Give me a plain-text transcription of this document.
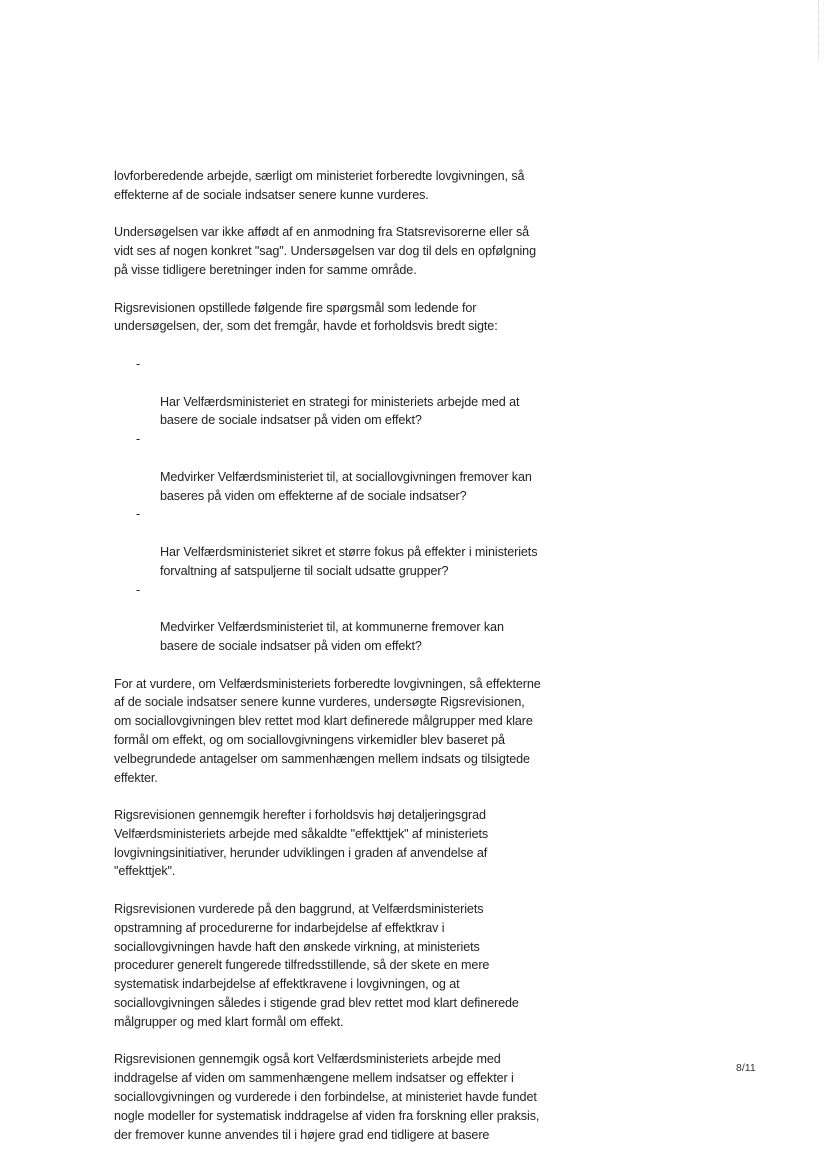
lovforberedende arbejde, særligt om ministeriet forberedte lovgivningen, så
effekterne af de sociale indsatser senere kunne vurderes.

Undersøgelsen var ikke affødt af en anmodning fra Statsrevisorerne eller så
vidt ses af nogen konkret "sag". Undersøgelsen var dog til dels en opfølgning
på visse tidligere beretninger inden for samme område.

Rigsrevisionen opstillede følgende fire spørgsmål som ledende for
undersøgelsen, der, som det fremgår, havde et forholdsvis bredt sigte:

-

Har Velfærdsministeriet en strategi for ministeriets arbejde med at
basere de sociale indsatser på viden om effekt?

-

Medvirker Velfærdsministeriet til, at sociallovgivningen fremover kan
baseres på viden om effekterne af de sociale indsatser?

-

Har Velfærdsministeriet sikret et større fokus på effekter i ministeriets
forvaltning af satspuljerne til socialt udsatte grupper?

-

Medvirker Velfærdsministeriet til, at kommunerne fremover kan
basere de sociale indsatser på viden om effekt?

For at vurdere, om Velfærdsministeriets forberedte lovgivningen, så effekterne
af de sociale indsatser senere kunne vurderes, undersøgte Rigsrevisionen,
om sociallovgivningen blev rettet mod klart definerede målgrupper med klare
formål om effekt, og om sociallovgivningens virkemidler blev baseret på
velbegrundede antagelser om sammenhængen mellem indsats og tilsigtede
effekter.

Rigsrevisionen gennemgik herefter i forholdsvis høj detaljeringsgrad
Velfærdsministeriets arbejde med såkaldte "effekttjek" af ministeriets
lovgivningsinitiativer, herunder udviklingen i graden af anvendelse af
"effekttjek".

Rigsrevisionen vurderede på den baggrund, at Velfærdsministeriets
opstramning af procedurerne for indarbejdelse af effektkrav i
sociallovgivningen havde haft den ønskede virkning, at ministeriets
procedurer generelt fungerede tilfredsstillende, så der skete en mere
systematisk indarbejdelse af effektkravene i lovgivningen, og at
sociallovgivningen således i stigende grad blev rettet mod klart definerede
målgrupper og med klart formål om effekt.

Rigsrevisionen gennemgik også kort Velfærdsministeriets arbejde med
inddragelse af viden om sammenhængene mellem indsatser og effekter i
sociallovgivningen og vurderede i den forbindelse, at ministeriet havde fundet
nogle modeller for systematisk inddragelse af viden fra forskning eller praksis,
der fremover kunne anvendes til i højere grad end tidligere at basere

8/11
